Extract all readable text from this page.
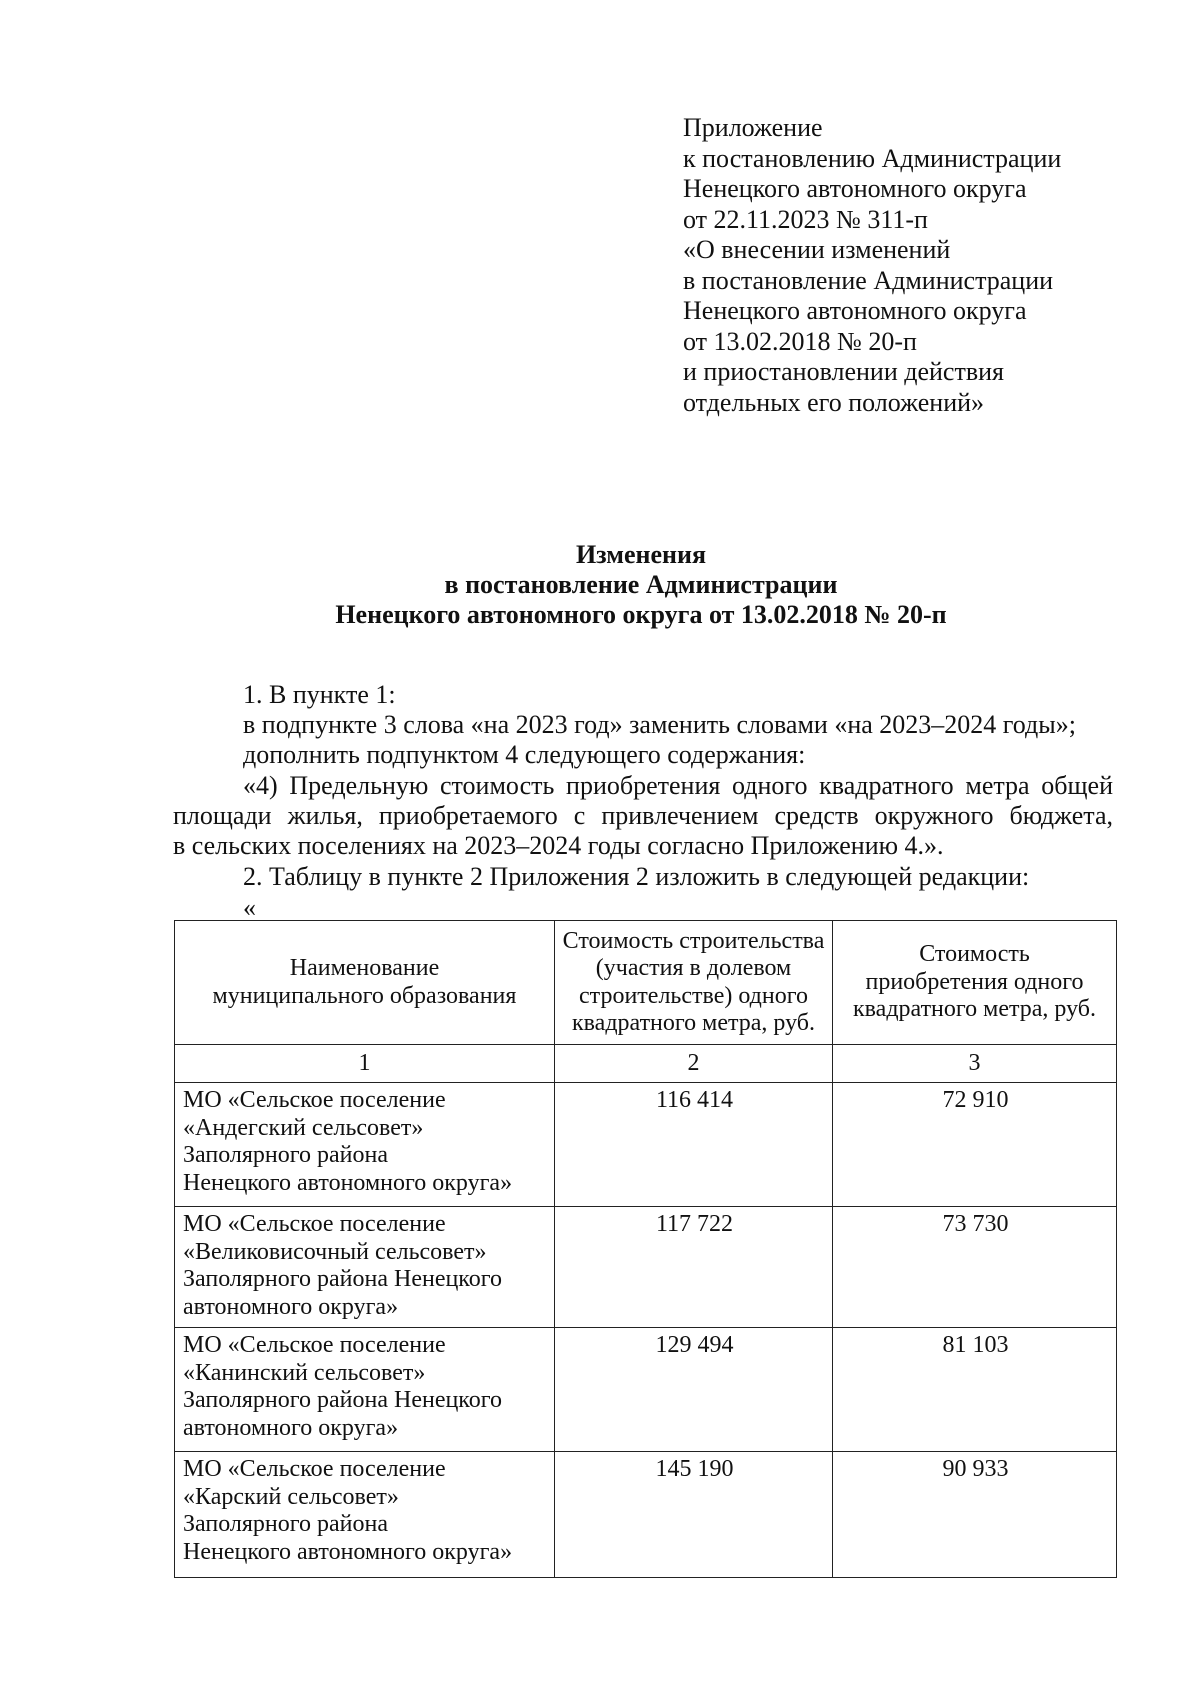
Приложение
к постановлению Администрации
Ненецкого автономного округа
от 22.11.2023 № 311-п
«О внесении изменений
в постановление Администрации
Ненецкого автономного округа
от 13.02.2018 № 20-п
и приостановлении действия
отдельных его положений»
Изменения
в постановление Администрации
Ненецкого автономного округа от 13.02.2018 № 20-п
1. В пункте 1:
в подпункте 3 слова «на 2023 год» заменить словами «на 2023–2024 годы»;
дополнить подпунктом 4 следующего содержания:
«4) Предельную стоимость приобретения одного квадратного метра общей
площади жилья, приобретаемого с привлечением средств окружного бюджета,
в сельских поселениях на 2023–2024 годы согласно Приложению 4.».
2. Таблицу в пункте 2 Приложения 2 изложить в следующей редакции:
«
Наименование
муниципального образования	Стоимость строительства
(участия в долевом
строительстве) одного
квадратного метра, руб.	Стоимость
приобретения одного
квадратного метра, руб.

1	2	3

МО «Сельское поселение
«Андегский сельсовет»
Заполярного района
Ненецкого автономного округа»	116 414	72 910

МО «Сельское поселение
«Великовисочный сельсовет»
Заполярного района Ненецкого
автономного округа»	117 722	73 730

МО «Сельское поселение
«Канинский сельсовет»
Заполярного района Ненецкого
автономного округа»	129 494	81 103

МО «Сельское поселение
«Карский сельсовет»
Заполярного района
Ненецкого автономного округа»	145 190	90 933
